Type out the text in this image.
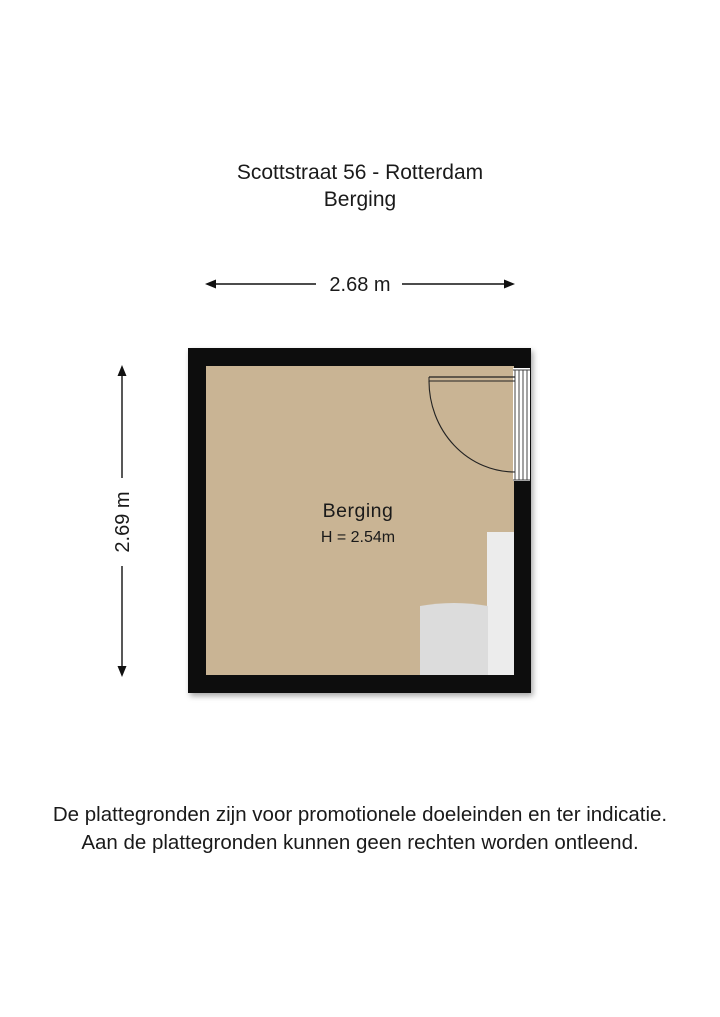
Scottstraat 56 - Rotterdam
Berging
2.68 m
2.69 m	Berging
H = 2.54m
De plattegronden zijn voor promotionele doeleinden en ter indicatie.
Aan de plattegronden kunnen geen rechten worden ontleend.
